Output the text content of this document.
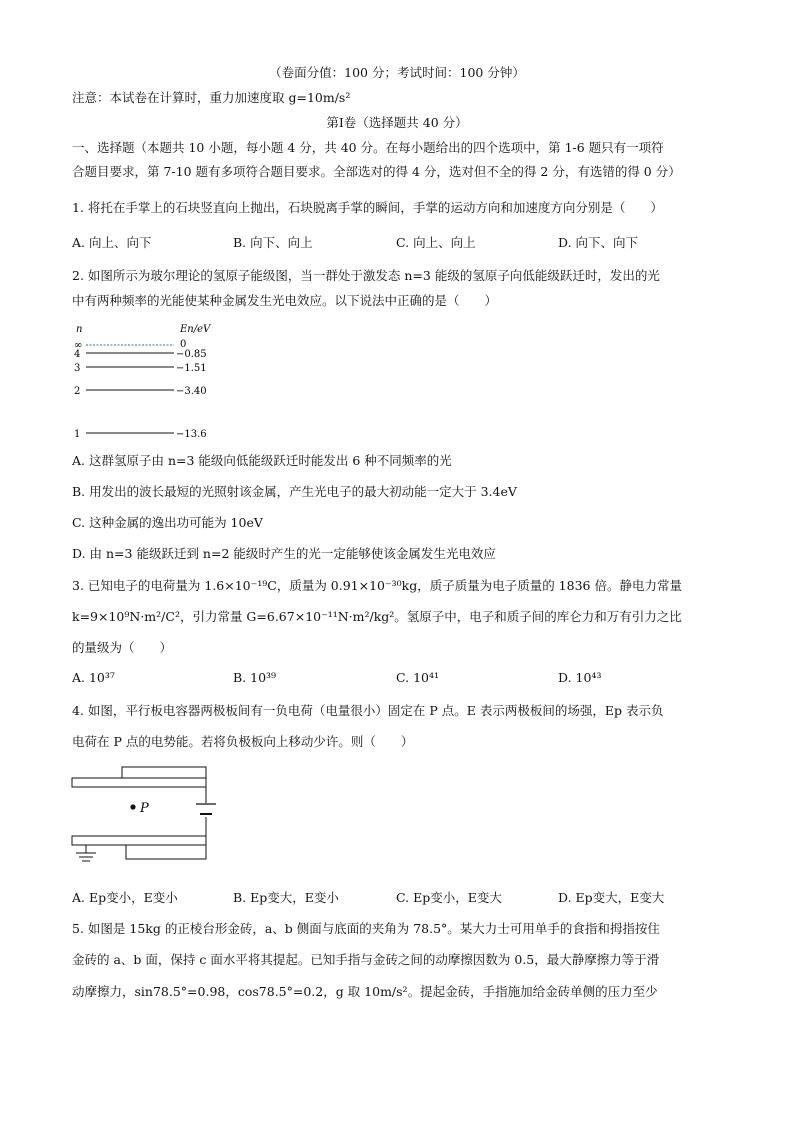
（卷面分值：100 分；考试时间：100 分钟）
注意：本试卷在计算时，重力加速度取 g=10m/s²
第Ⅰ卷（选择题共 40 分）
一、选择题（本题共 10 小题，每小题 4 分，共 40 分。在每小题给出的四个选项中，第 1-6 题只有一项符
合题目要求，第 7-10 题有多项符合题目要求。全部选对的得 4 分，选对但不全的得 2 分，有选错的得 0 分）
1. 将托在手掌上的石块竖直向上抛出，石块脱离手掌的瞬间，手掌的运动方向和加速度方向分别是（　　）
A. 向上、向下	B. 向下、向上	C. 向上、向上	D. 向下、向下
2. 如图所示为玻尔理论的氢原子能级图，当一群处于激发态 n=3 能级的氢原子向低能级跃迁时，发出的光
中有两种频率的光能使某种金属发生光电效应。以下说法中正确的是（　　）
n	En/eV
∞	0
4	−0.85
3	−1.51
2	−3.40
1	−13.6
A. 这群氢原子由 n=3 能级向低能级跃迁时能发出 6 种不同频率的光
B. 用发出的波长最短的光照射该金属，产生光电子的最大初动能一定大于 3.4eV
C. 这种金属的逸出功可能为 10eV
D. 由 n=3 能级跃迁到 n=2 能级时产生的光一定能够使该金属发生光电效应
3. 已知电子的电荷量为 1.6×10⁻¹⁹C，质量为 0.91×10⁻³⁰kg，质子质量为电子质量的 1836 倍。静电力常量
k=9×10⁹N·m²/C²，引力常量 G=6.67×10⁻¹¹N·m²/kg²。氢原子中，电子和质子间的库仑力和万有引力之比
的量级为（　　）
A. 10³⁷	B. 10³⁹	C. 10⁴¹	D. 10⁴³
4. 如图，平行板电容器两极板间有一负电荷（电量很小）固定在 P 点。E 表示两极板间的场强，Ep 表示负
电荷在 P 点的电势能。若将负极板向上移动少许。则（　　）
P
A. Ep变小，E变小	B. Ep变大，E变小	C. Ep变小，E变大	D. Ep变大，E变大
5. 如图是 15kg 的正棱台形金砖，a、b 侧面与底面的夹角为 78.5°。某大力士可用单手的食指和拇指按住
金砖的 a、b 面，保持 c 面水平将其提起。已知手指与金砖之间的动摩擦因数为 0.5，最大静摩擦力等于滑
动摩擦力，sin78.5°=0.98，cos78.5°=0.2，g 取 10m/s²。提起金砖，手指施加给金砖单侧的压力至少
